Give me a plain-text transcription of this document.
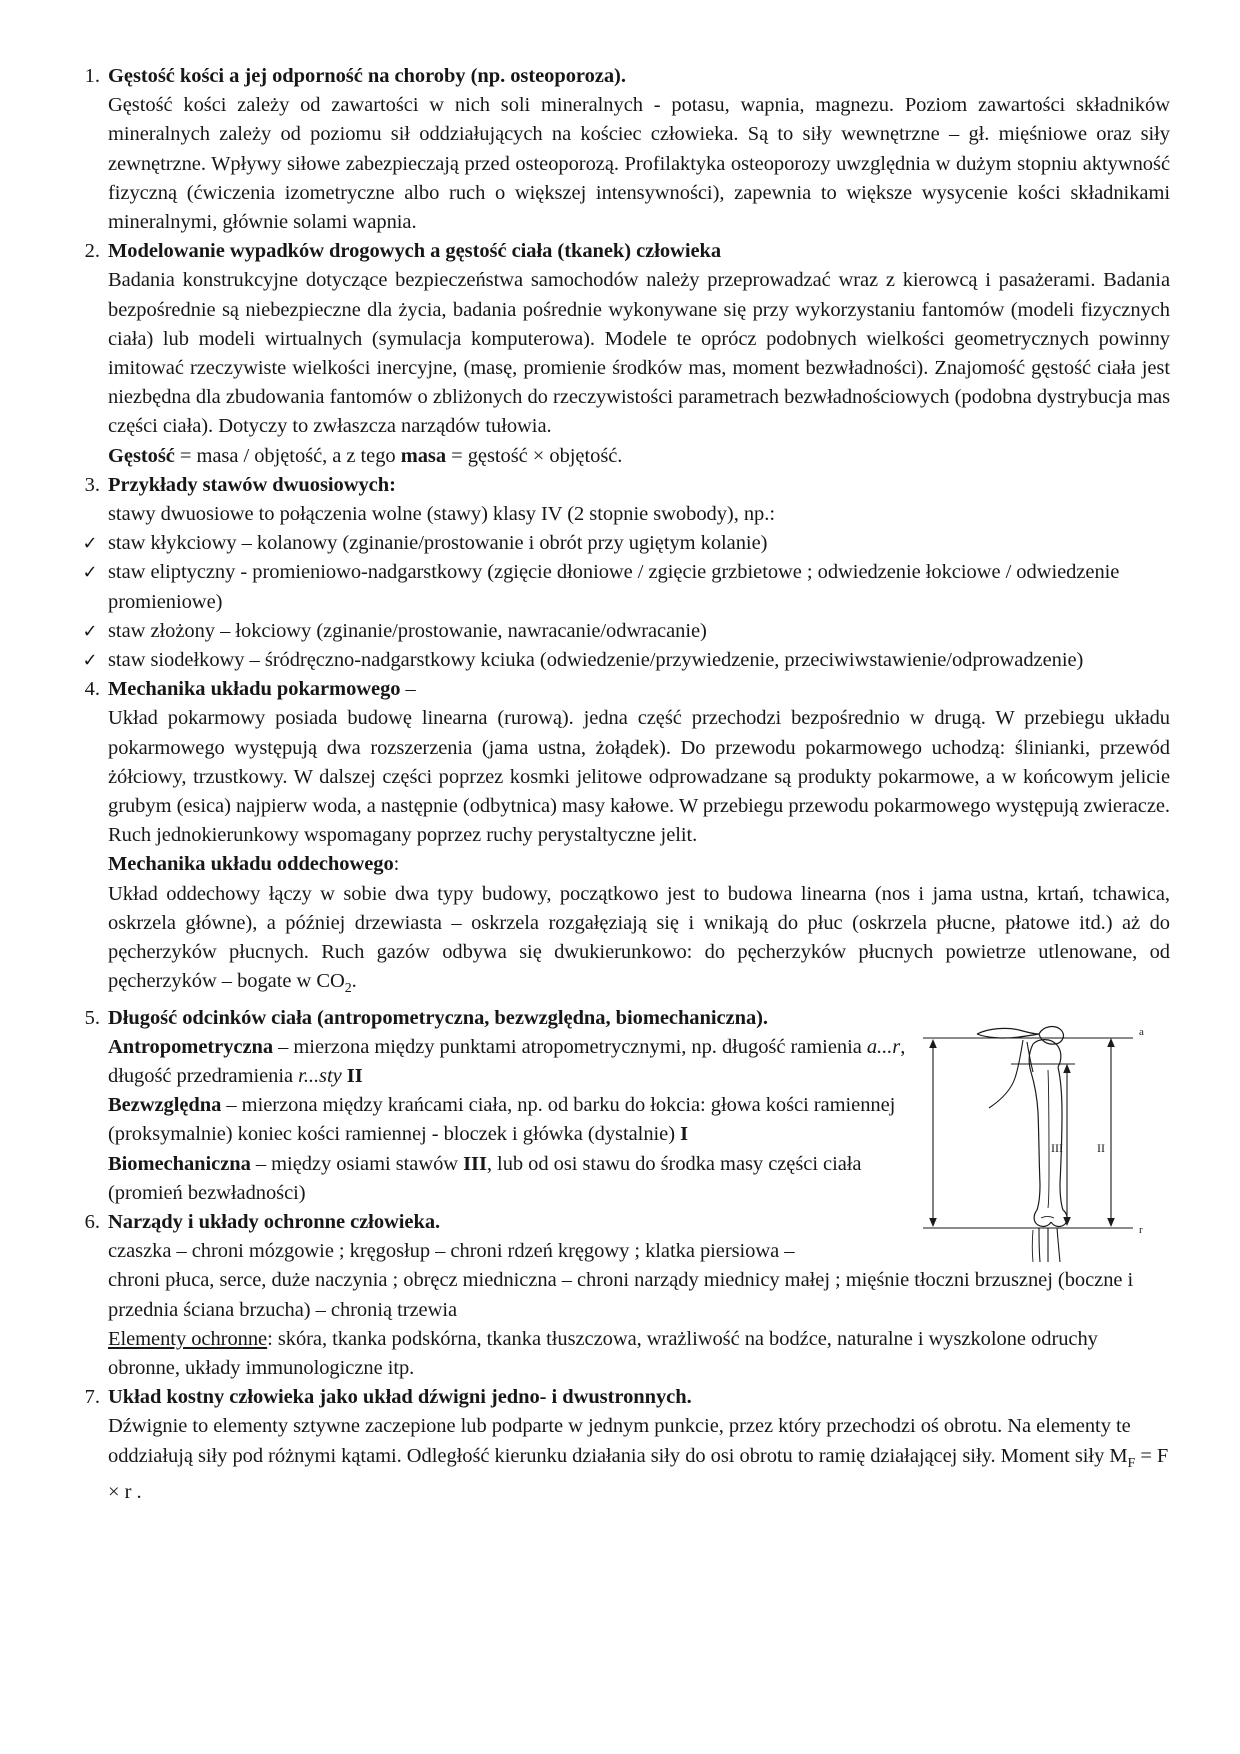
a
r
III	II
1. Gęstość kości a jej odporność na choroby (np. osteoporoza).

Gęstość kości zależy od zawartości w nich soli mineralnych - potasu, wapnia, magnezu. Poziom zawartości składników mineralnych zależy od poziomu sił oddziałujących na kościec człowieka. Są to siły wewnętrzne – gł. mięśniowe oraz siły zewnętrzne. Wpływy siłowe zabezpieczają przed osteoporozą. Profilaktyka osteoporozy uwzględnia w dużym stopniu aktywność fizyczną (ćwiczenia izometryczne albo ruch o większej intensywności), zapewnia to większe wysycenie kości składnikami mineralnymi, głównie solami wapnia.

2. Modelowanie wypadków drogowych a gęstość ciała (tkanek) człowieka

Badania konstrukcyjne dotyczące bezpieczeństwa samochodów należy przeprowadzać wraz z kierowcą i pasażerami. Badania bezpośrednie są niebezpieczne dla życia, badania pośrednie wykonywane się przy wykorzystaniu fantomów (modeli fizycznych ciała) lub modeli wirtualnych (symulacja komputerowa). Modele te oprócz podobnych wielkości geometrycznych powinny imitować rzeczywiste wielkości inercyjne, (masę, promienie środków mas, moment bezwładności). Znajomość gęstość ciała jest niezbędna dla zbudowania fantomów o zbliżonych do rzeczywistości parametrach bezwładnościowych (podobna dystrybucja mas części ciała). Dotyczy to zwłaszcza narządów tułowia.

Gęstość = masa / objętość, a z tego masa = gęstość × objętość.

3. Przykłady stawów dwuosiowych:

stawy dwuosiowe to połączenia wolne (stawy) klasy IV (2 stopnie swobody), np.:

✓ staw kłykciowy – kolanowy (zginanie/prostowanie i obrót przy ugiętym kolanie)

✓ staw eliptyczny - promieniowo-nadgarstkowy (zgięcie dłoniowe / zgięcie grzbietowe ; odwiedzenie łokciowe / odwiedzenie promieniowe)

✓ staw złożony – łokciowy (zginanie/prostowanie, nawracanie/odwracanie)

✓ staw siodełkowy – śródręczno-nadgarstkowy kciuka (odwiedzenie/przywiedzenie, przeciwiwstawienie/odprowadzenie)

4. Mechanika układu pokarmowego –

Układ pokarmowy posiada budowę linearna (rurową). jedna część przechodzi bezpośrednio w drugą. W przebiegu układu pokarmowego występują dwa rozszerzenia (jama ustna, żołądek). Do przewodu pokarmowego uchodzą: ślinianki, przewód żółciowy, trzustkowy. W dalszej części poprzez kosmki jelitowe odprowadzane są produkty pokarmowe, a w końcowym jelicie grubym (esica) najpierw woda, a następnie (odbytnica) masy kałowe. W przebiegu przewodu pokarmowego występują zwieracze. Ruch jednokierunkowy wspomagany poprzez ruchy perystaltyczne jelit.

Mechanika układu oddechowego:

Układ oddechowy łączy w sobie dwa typy budowy, początkowo jest to budowa linearna (nos i jama ustna, krtań, tchawica, oskrzela główne), a później drzewiasta – oskrzela rozgałęziają się i wnikają do płuc (oskrzela płucne, płatowe itd.) aż do pęcherzyków płucnych. Ruch gazów odbywa się dwukierunkowo: do pęcherzyków płucnych powietrze utlenowane, od pęcherzyków – bogate w $CO_2$.

5. Długość odcinków ciała (antropometryczna, bezwzględna, biomechaniczna).

Antropometryczna – mierzona między punktami atropometrycznymi, np. długość ramienia a...r, długość przedramienia r...sty II

Bezwzględna – mierzona między krańcami ciała, np. od barku do łokcia: głowa kości ramiennej (proksymalnie) koniec kości ramiennej - bloczek i główka (dystalnie) I

Biomechaniczna – między osiami stawów III, lub od osi stawu do środka masy części ciała (promień bezwładności)

6. Narządy i układy ochronne człowieka.

czaszka – chroni mózgowie ; kręgosłup – chroni rdzeń kręgowy ; klatka piersiowa –

chroni płuca, serce, duże naczynia ; obręcz miedniczna – chroni narządy miednicy małej ; mięśnie tłoczni brzusznej (boczne i przednia ściana brzucha) – chronią trzewia

Elementy ochronne: skóra, tkanka podskórna, tkanka tłuszczowa, wrażliwość na bodźce, naturalne i wyszkolone odruchy obronne, układy immunologiczne itp.

7. Układ kostny człowieka jako układ dźwigni jedno- i dwustronnych.

Dźwignie to elementy sztywne zaczepione lub podparte w jednym punkcie, przez który przechodzi oś obrotu. Na elementy te oddziałują siły pod różnymi kątami. Odległość kierunku działania siły do osi obrotu to ramię działającej siły. Moment siły $M_F = F \times r$ .
